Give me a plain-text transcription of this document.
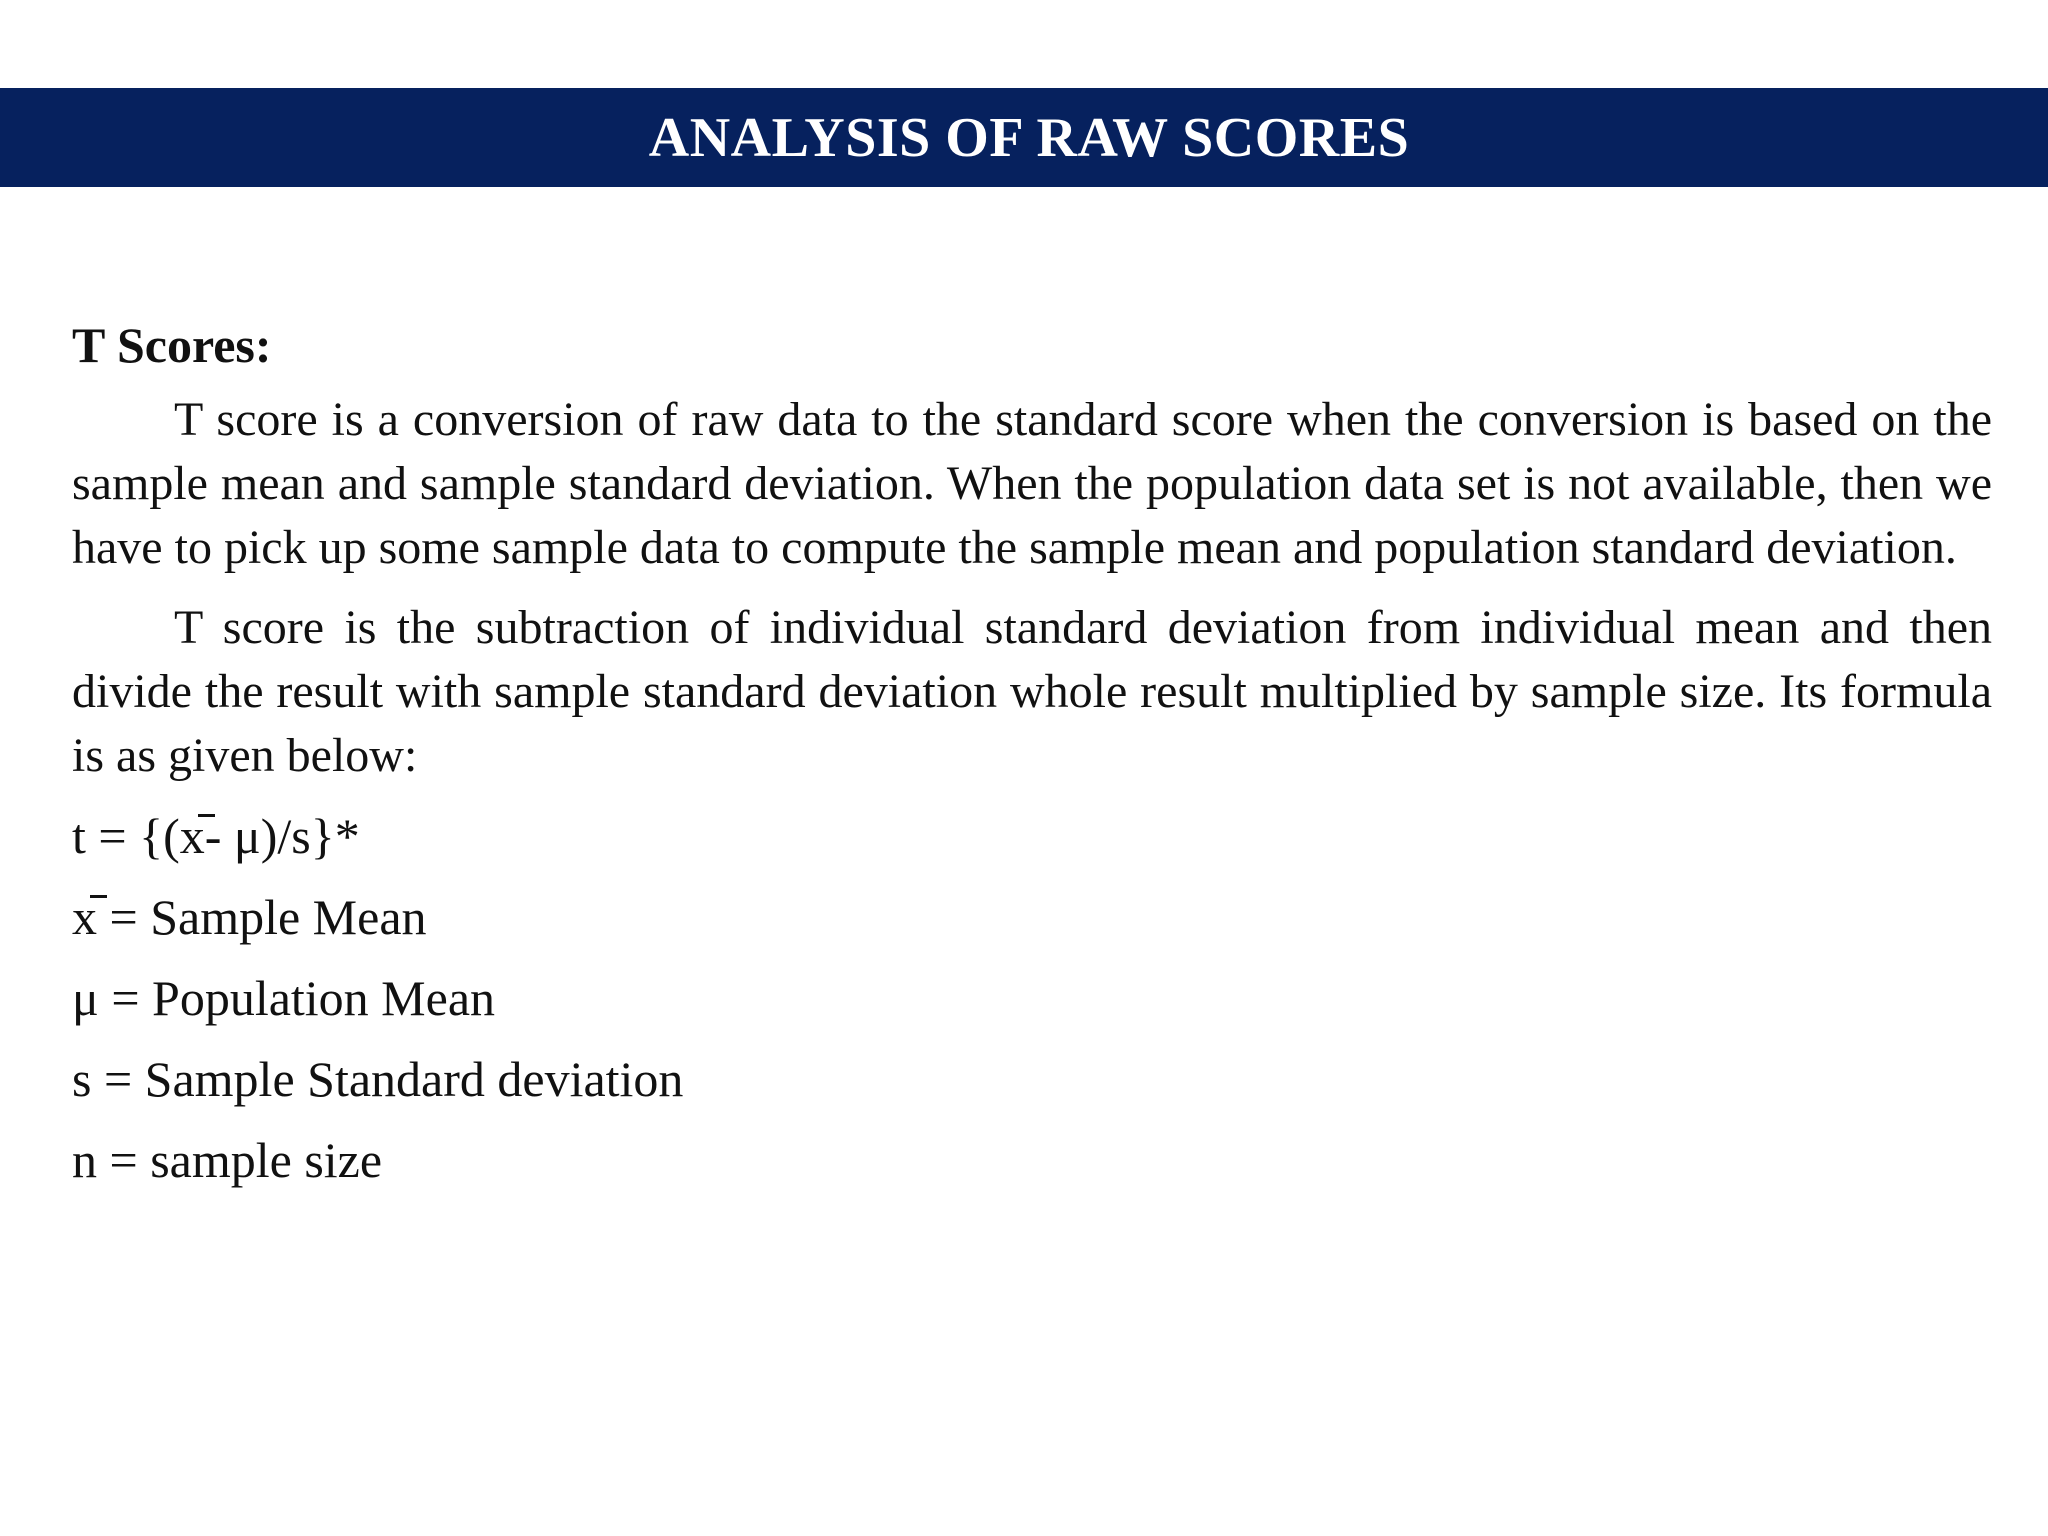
ANALYSIS OF RAW SCORES
T Scores:

T score is a conversion of raw data to the standard score when the conversion is based on the sample mean and sample standard deviation. When the population data set is not available, then we have to pick up some sample data to compute the sample mean and population standard deviation.

T score is the subtraction of individual standard deviation from individual mean and then divide the result with sample standard deviation whole result multiplied by sample size. Its formula is as given below:

t = {(x- μ)/s}*
x = Sample Mean
μ = Population Mean
s = Sample Standard deviation
n = sample size
